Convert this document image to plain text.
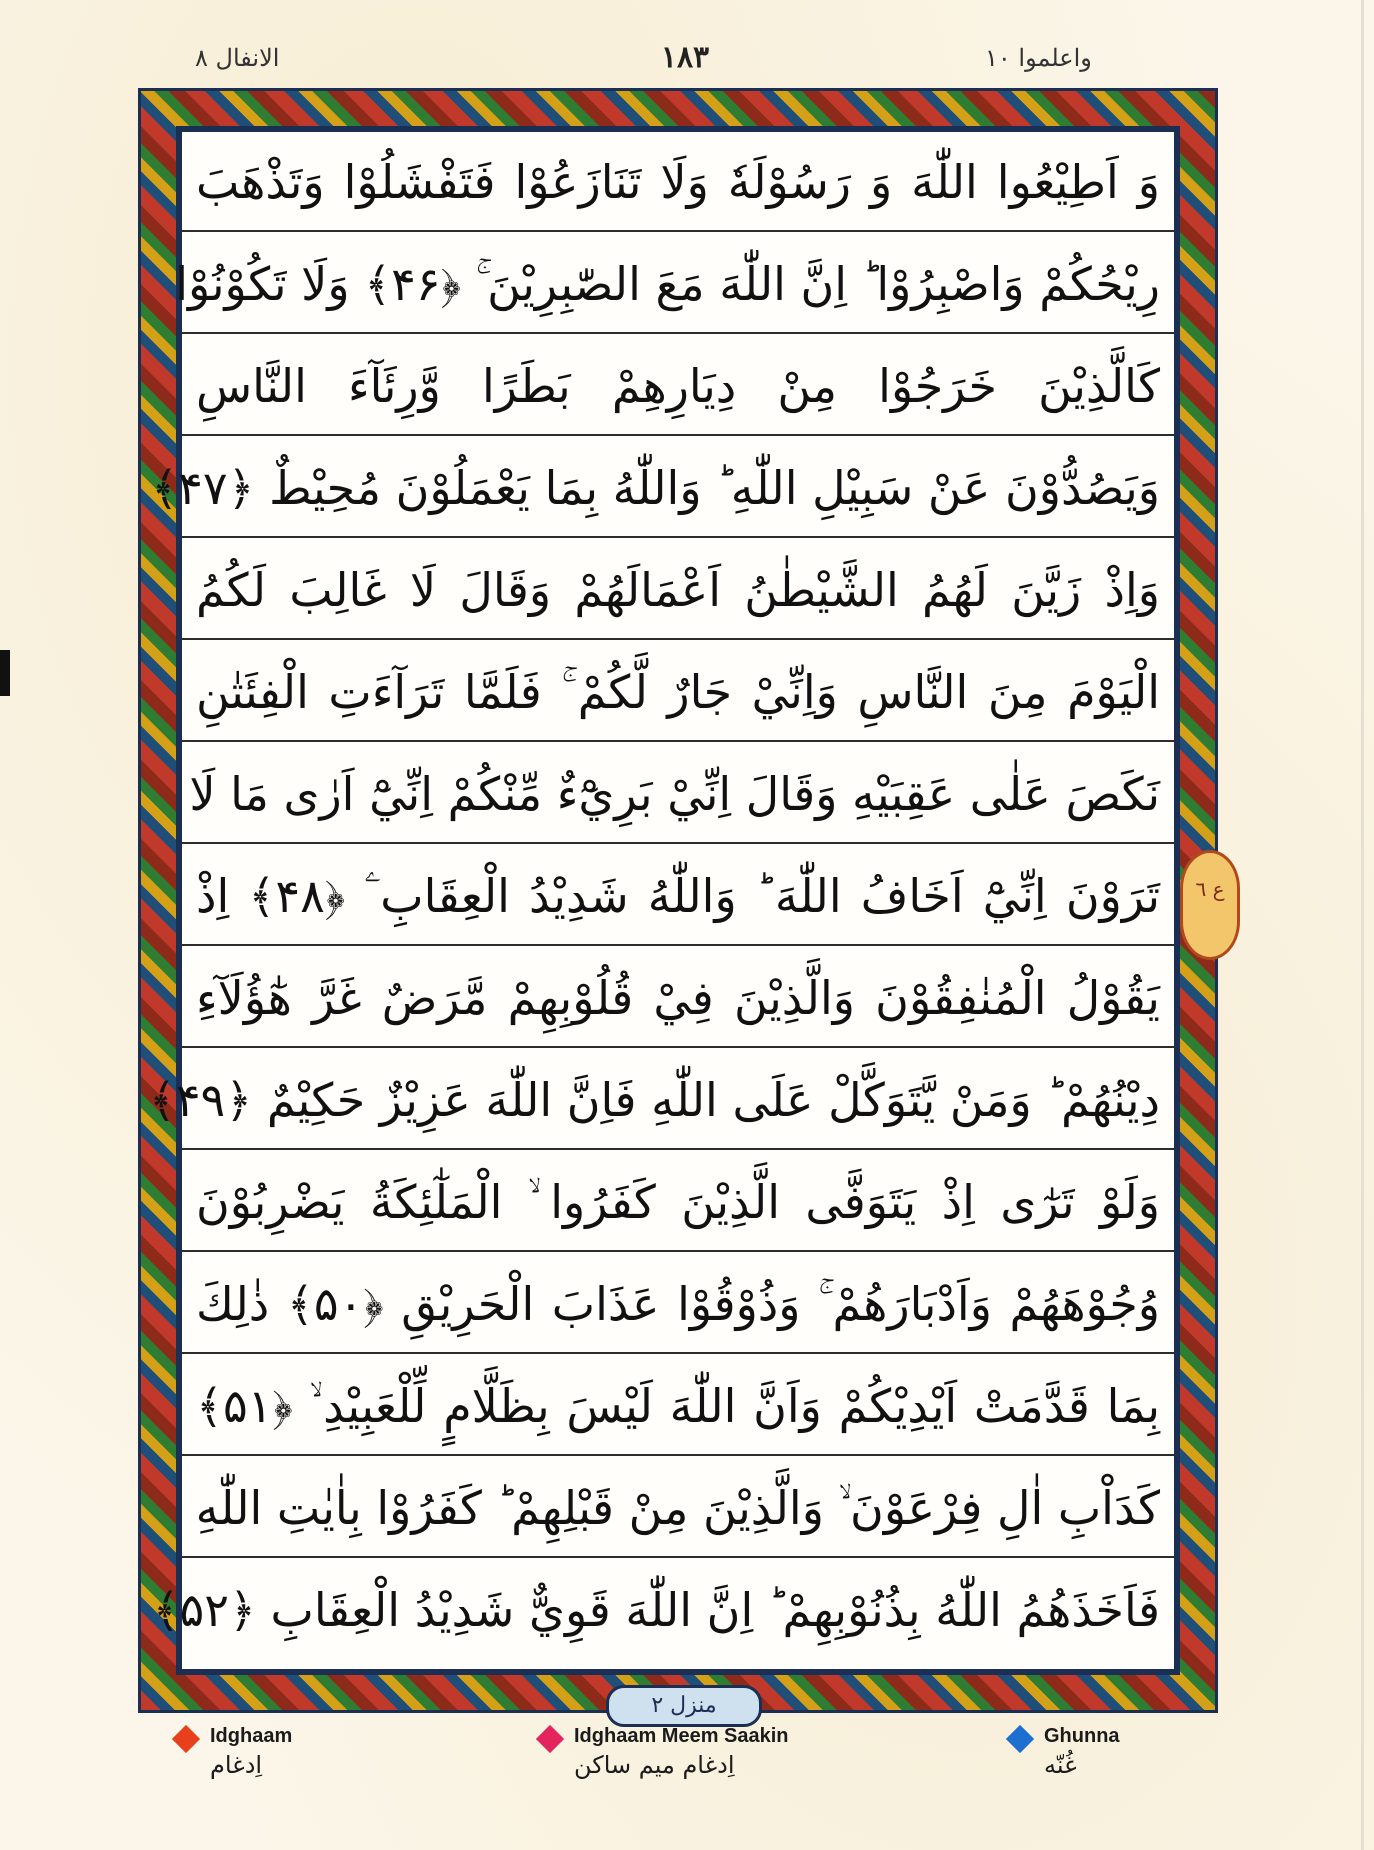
واعلموا ١٠
١٨٣
الانفال ٨
وَ اَطِيْعُوا اللّٰهَ وَ رَسُوْلَهٗ وَلَا تَنَازَعُوْا فَتَفْشَلُوْا وَتَذْهَبَ
رِيْحُكُمْ وَاصْبِرُوْا ؕ اِنَّ اللّٰهَ مَعَ الصّٰبِرِيْنَ ۚ ﴿۴۶﴾ وَلَا تَكُوْنُوْا
كَالَّذِيْنَ خَرَجُوْا مِنْ دِيَارِهِمْ بَطَرًا وَّرِئَآءَ النَّاسِ
وَيَصُدُّوْنَ عَنْ سَبِيْلِ اللّٰهِ ؕ وَاللّٰهُ بِمَا يَعْمَلُوْنَ مُحِيْطٌ ﴿۴۷﴾
وَاِذْ زَيَّنَ لَهُمُ الشَّيْطٰنُ اَعْمَالَهُمْ وَقَالَ لَا غَالِبَ لَكُمُ
الْيَوْمَ مِنَ النَّاسِ وَاِنِّيْ جَارٌ لَّكُمْ ۚ فَلَمَّا تَرَآءَتِ الْفِئَتٰنِ
نَكَصَ عَلٰى عَقِبَيْهِ وَقَالَ اِنِّيْ بَرِيْٓءٌ مِّنْكُمْ اِنِّيْٓ اَرٰى مَا لَا
تَرَوْنَ اِنِّيْٓ اَخَافُ اللّٰهَ ؕ وَاللّٰهُ شَدِيْدُ الْعِقَابِ ۧ ﴿۴۸﴾ اِذْ
يَقُوْلُ الْمُنٰفِقُوْنَ وَالَّذِيْنَ فِيْ قُلُوْبِهِمْ مَّرَضٌ غَرَّ هٰٓؤُلَآءِ
دِيْنُهُمْ ؕ وَمَنْ يَّتَوَكَّلْ عَلَى اللّٰهِ فَاِنَّ اللّٰهَ عَزِيْزٌ حَكِيْمٌ ﴿۴۹﴾
وَلَوْ تَرٰٓى اِذْ يَتَوَفَّى الَّذِيْنَ كَفَرُوا ۙ الْمَلٰٓئِكَةُ يَضْرِبُوْنَ
وُجُوْهَهُمْ وَاَدْبَارَهُمْ ۚ وَذُوْقُوْا عَذَابَ الْحَرِيْقِ ﴿۵۰﴾ ذٰلِكَ
بِمَا قَدَّمَتْ اَيْدِيْكُمْ وَاَنَّ اللّٰهَ لَيْسَ بِظَلَّامٍ لِّلْعَبِيْدِ ۙ ﴿۵۱﴾
كَدَاْبِ اٰلِ فِرْعَوْنَ ۙ وَالَّذِيْنَ مِنْ قَبْلِهِمْ ؕ كَفَرُوْا بِاٰيٰتِ اللّٰهِ
فَاَخَذَهُمُ اللّٰهُ بِذُنُوْبِهِمْ ؕ اِنَّ اللّٰهَ قَوِيٌّ شَدِيْدُ الْعِقَابِ ﴿۵۲﴾
منزل ٢
ع ٦
Idghaam
اِدغام
Idghaam Meem Saakin
اِدغام میم ساکن
Ghunna
غُنّه
